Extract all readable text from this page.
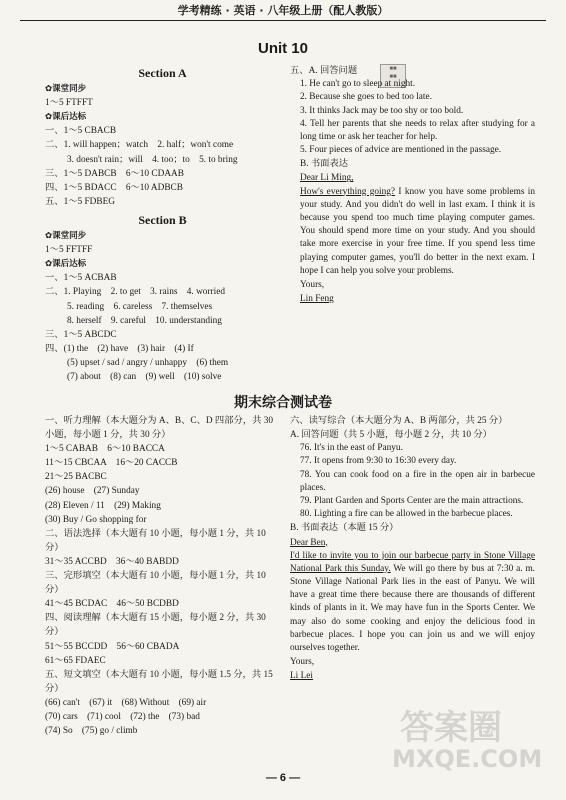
学考精练 · 英语 · 八年级上册（配人教版）
Unit 10
Section A
✿课堂同步
1～5 FTFFT
✿课后达标
一、1～5 CBACB
二、1. will happen；watch　2. half；won't come
3. doesn't rain；will　4. too；to　5. to bring
三、1～5 DABCB　6～10 CDAAB
四、1～5 BDACC　6～10 ADBCB
五、1～5 FDBEG
Section B
✿课堂同步
1～5 FFTFF
✿课后达标
一、1～5 ACBAB
二、1. Playing　2. to get　3. rains　4. worried
5. reading　6. careless　7. themselves
8. herself　9. careful　10. understanding
三、1～5 ABCDC
四、(1) the　(2) have　(3) hair　(4) If
(5) upset / sad / angry / unhappy　(6) them
(7) about　(8) can　(9) well　(10) solve
■■
■■
五、A. 回答问题
1. He can't go to sleep at night.
2. Because she goes to bed too late.
3. It thinks Jack may be too shy or too bold.
4. Tell her parents that she needs to relax after studying for a long time or ask her teacher for help.
5. Four pieces of advice are mentioned in the passage.
B. 书面表达
Dear Li Ming,
How's everything going? I know you have some problems in your study. And you didn't do well in last exam. I think it is because you spend too much time playing computer games. You should spend more time on your study. And you should take more exercise in your free time. If you spend less time playing computer games, you'll do better in the next exam. I hope I can help you solve your problems.
Yours,
Lin Feng
期末综合测试卷
一、听力理解（本大题分为 A、B、C、D 四部分，共 30 小题，每小题 1 分，共 30 分）
1～5 CABAB　6～10 BACCA
11～15 CBCAA　16～20 CACCB
21～25 BACBC
(26) house　(27) Sunday
(28) Eleven / 11　(29) Making
(30) Buy / Go shopping for
二、语法选择（本大题有 10 小题，每小题 1 分，共 10 分）
31～35 ACCBD　36～40 BABDD
三、完形填空（本大题有 10 小题，每小题 1 分，共 10 分）
41～45 BCDAC　46～50 BCDBD
四、阅读理解（本大题有 15 小题，每小题 2 分，共 30 分）
51～55 BCCDD　56～60 CBADA
61～65 FDAEC
五、短文填空（本大题有 10 小题，每小题 1.5 分，共 15 分）
(66) can't　(67) it　(68) Without　(69) air
(70) cars　(71) cool　(72) the　(73) bad
(74) So　(75) go / climb
六、读写综合（本大题分为 A、B 两部分，共 25 分）
A. 回答问题（共 5 小题，每小题 2 分，共 10 分）
76. It's in the east of Panyu.
77. It opens from 9:30 to 16:30 every day.
78. You can cook food on a fire in the open air in barbecue places.
79. Plant Garden and Sports Center are the main attractions.
80. Lighting a fire can be allowed in the barbecue places.
B. 书面表达（本题 15 分）
Dear Ben,
I'd like to invite you to join our barbecue party in Stone Village National Park this Sunday. We will go there by bus at 7:30 a. m. Stone Village National Park lies in the east of Panyu. We will have a great time there because there are thousands of different kinds of plants in it. We may have fun in the Sports Center. We may also do some cooking and enjoy the delicious food in barbecue places. I hope you can join us and we will enjoy ourselves together.
Yours,
Li Lei
答案圈
MXQE.COM
— 6 —
